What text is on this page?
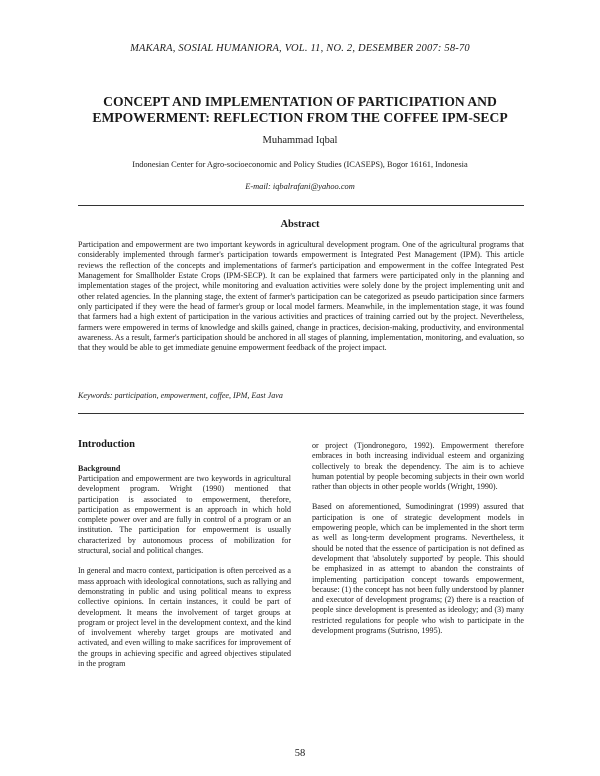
MAKARA, SOSIAL HUMANIORA, VOL. 11, NO. 2, DESEMBER 2007: 58-70
CONCEPT AND IMPLEMENTATION OF PARTICIPATION AND
EMPOWERMENT: REFLECTION FROM THE COFFEE IPM-SECP
Muhammad Iqbal
Indonesian Center for Agro-socioeconomic and Policy Studies (ICASEPS), Bogor 16161, Indonesia
E-mail: iqbalrafani@yahoo.com
Abstract
Participation and empowerment are two important keywords in agricultural development program. One of the agricultural programs that considerably implemented through farmer's participation towards empowerment is Integrated Pest Management (IPM). This article reviews the reflection of the concepts and implementations of farmer's participation and empowerment in the coffee Integrated Pest Management for Smallholder Estate Crops (IPM-SECP). It can be explained that farmers were participated only in the planning and implementation stages of the project, while monitoring and evaluation activities were solely done by the project implementing unit and other related agencies. In the planning stage, the extent of farmer's participation can be categorized as pseudo participation since farmers only participated if they were the head of farmer's group or local model farmers. Meanwhile, in the implementation stage, it was found that farmers had a high extent of participation in the various activities and practices of training carried out by the project. Nevertheless, farmers were empowered in terms of knowledge and skills gained, change in practices, decision-making, productivity, and environmental awareness. As a result, farmer's participation should be anchored in all stages of planning, implementation, monitoring, and evaluation, so that they would be able to get immediate genuine empowerment feedback of the project impact.
Keywords: participation, empowerment, coffee, IPM, East Java
Introduction
Background

Participation and empowerment are two keywords in agricultural development program. Wright (1990) mentioned that participation is associated to empowerment, therefore, participation as empowerment is an approach in which hold complete power over and are fully in control of a program or an institution. The participation for empowerment is usually characterized by autonomous process of mobilization for structural, social and political changes.

In general and macro context, participation is often perceived as a mass approach with ideological connotations, such as rallying and demonstrating in public and using political means to express collective opinions. In certain instances, it could be part of development. It means the involvement of target groups at program or project level in the development context, and the kind of involvement whereby target groups are motivated and activated, and even willing to make sacrifices for improvement of the groups in achieving specific and agreed objectives stipulated in the program

or project (Tjondronegoro, 1992). Empowerment therefore embraces in both increasing individual esteem and organizing collectively to break the dependency. The aim is to achieve human potential by people becoming subjects in their own world rather than objects in other people worlds (Wright, 1990).

Based on aforementioned, Sumodiningrat (1999) assured that participation is one of strategic development models in empowering people, which can be implemented in the short term as well as long-term development programs. Nevertheless, it should be noted that the essence of participation is not defined as development that 'absolutely supported' by people. This should be emphasized in as attempt to abandon the constraints of implementing participation concept towards empowerment, because: (1) the concept has not been fully understood by planner and executor of development programs; (2) there is a reaction of people since development is presented as ideology; and (3) many restricted regulations for people who wish to participate in the development programs (Sutrisno, 1995).

58
